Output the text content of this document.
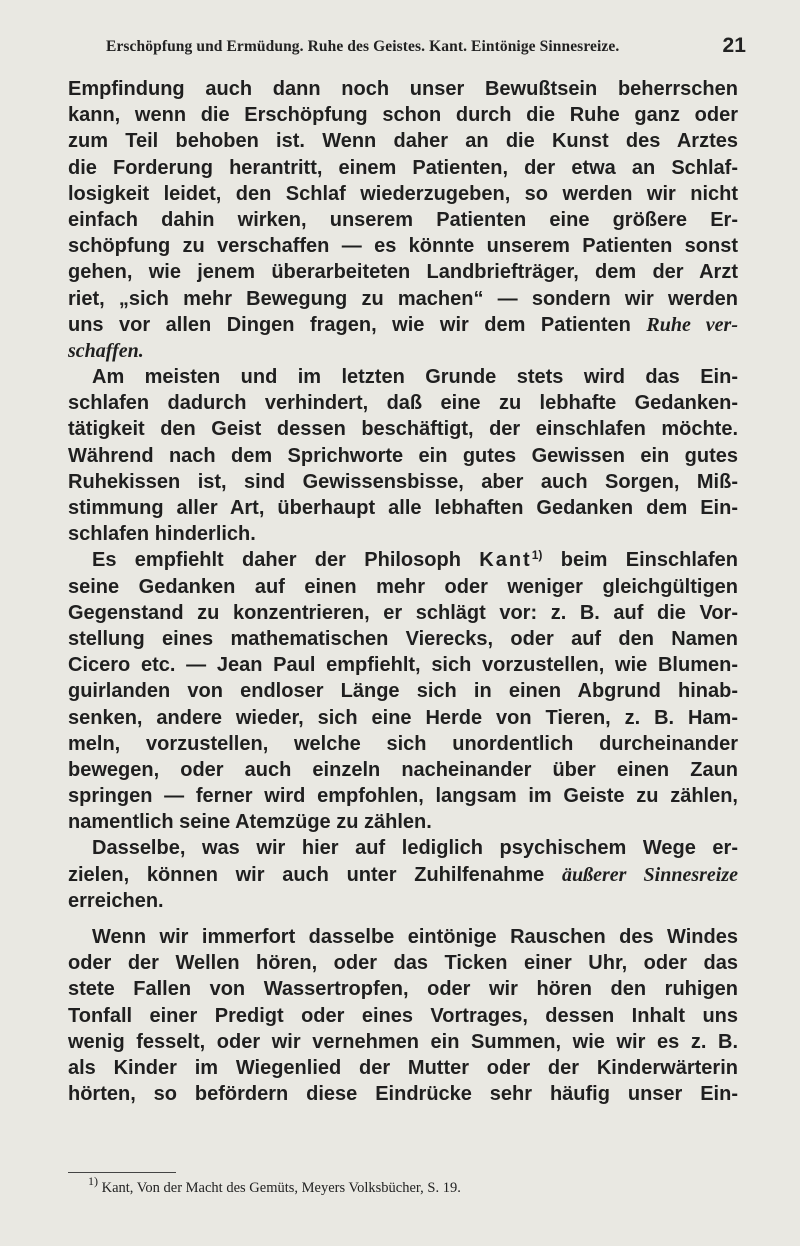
Erschöpfung und Ermüdung. Ruhe des Geistes. Kant. Eintönige Sinnesreize.	21
Empfindung auch dann noch unser Bewußtsein beherrschen
kann, wenn die Erschöpfung schon durch die Ruhe ganz oder
zum Teil behoben ist. Wenn daher an die Kunst des Arztes
die Forderung herantritt, einem Patienten, der etwa an Schlaf-
losigkeit leidet, den Schlaf wiederzugeben, so werden wir nicht
einfach dahin wirken, unserem Patienten eine größere Er-
schöpfung zu verschaffen — es könnte unserem Patienten sonst
gehen, wie jenem überarbeiteten Landbriefträger, dem der Arzt
riet, „sich mehr Bewegung zu machen“ — sondern wir werden
uns vor allen Dingen fragen, wie wir dem Patienten Ruhe ver-
schaffen.
Am meisten und im letzten Grunde stets wird das Ein-
schlafen dadurch verhindert, daß eine zu lebhafte Gedanken-
tätigkeit den Geist dessen beschäftigt, der einschlafen möchte.
Während nach dem Sprichworte ein gutes Gewissen ein gutes
Ruhekissen ist, sind Gewissensbisse, aber auch Sorgen, Miß-
stimmung aller Art, überhaupt alle lebhaften Gedanken dem Ein-
schlafen hinderlich.
Es empfiehlt daher der Philosoph Kant$^{1)}$ beim Einschlafen
seine Gedanken auf einen mehr oder weniger gleichgültigen
Gegenstand zu konzentrieren, er schlägt vor: z. B. auf die Vor-
stellung eines mathematischen Vierecks, oder auf den Namen
Cicero etc. — Jean Paul empfiehlt, sich vorzustellen, wie Blumen-
guirlanden von endloser Länge sich in einen Abgrund hinab-
senken, andere wieder, sich eine Herde von Tieren, z. B. Ham-
meln, vorzustellen, welche sich unordentlich durcheinander
bewegen, oder auch einzeln nacheinander über einen Zaun
springen — ferner wird empfohlen, langsam im Geiste zu zählen,
namentlich seine Atemzüge zu zählen.
Dasselbe, was wir hier auf lediglich psychischem Wege er-
zielen, können wir auch unter Zuhilfenahme äußerer Sinnesreize
erreichen.
Wenn wir immerfort dasselbe eintönige Rauschen des Windes
oder der Wellen hören, oder das Ticken einer Uhr, oder das
stete Fallen von Wassertropfen, oder wir hören den ruhigen
Tonfall einer Predigt oder eines Vortrages, dessen Inhalt uns
wenig fesselt, oder wir vernehmen ein Summen, wie wir es z. B.
als Kinder im Wiegenlied der Mutter oder der Kinderwärterin
hörten, so befördern diese Eindrücke sehr häufig unser Ein-
$^{1)}$ Kant, Von der Macht des Gemüts, Meyers Volksbücher, S. 19.
